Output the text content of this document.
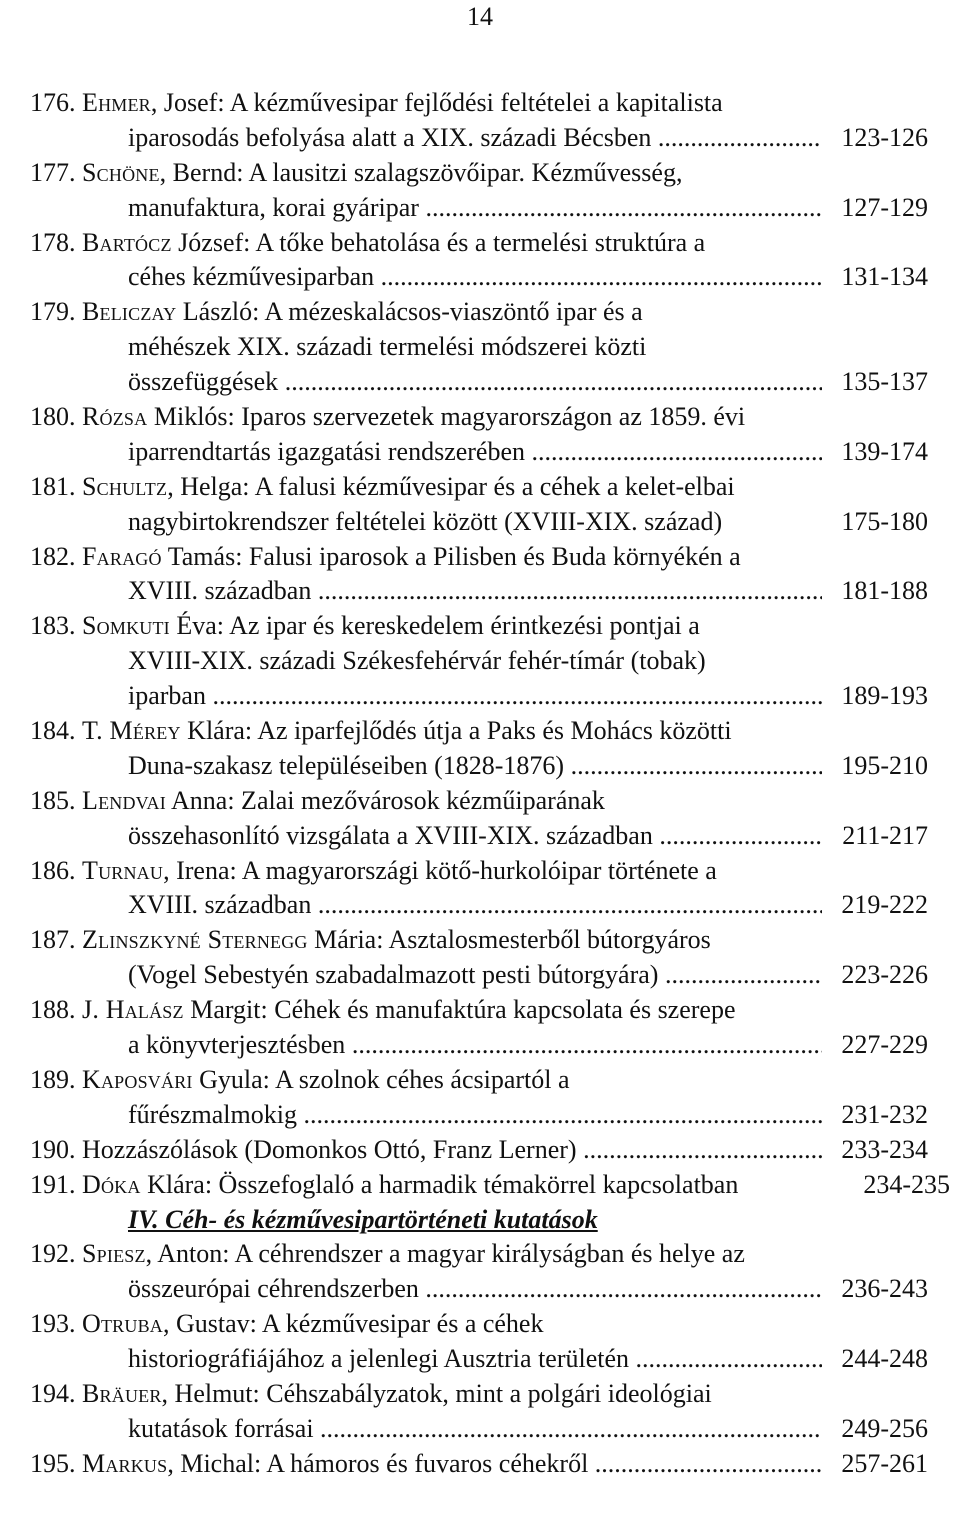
14
176. Ehmer, Josef: A kézművesipar fejlődési feltételei a kapitalista
iparosodás befolyása alatt a XIX. századi Bécsben .....	123-126
177. Schöne, Bernd: A lausitzi szalagszövőipar. Kézművesség,
manufaktura, korai gyáripar .....	127-129
178. Bartócz József: A tőke behatolása és a termelési struktúra a
céhes kézművesiparban .....	131-134
179. Beliczay László: A mézeskalácsos-viaszöntő ipar és a
méhészek XIX. századi termelési módszerei közti
összefüggések .....	135-137
180. Rózsa Miklós: Iparos szervezetek magyarországon az 1859. évi
iparrendtartás igazgatási rendszerében .....	139-174
181. Schultz, Helga: A falusi kézművesipar és a céhek a kelet-elbai
nagybirtokrendszer feltételei között (XVIII-XIX. század)	175-180
182. Faragó Tamás: Falusi iparosok a Pilisben és Buda környékén a
XVIII. században .....	181-188
183. Somkuti Éva: Az ipar és kereskedelem érintkezési pontjai a
XVIII-XIX. századi Székesfehérvár fehér-tímár (tobak)
iparban .....	189-193
184. T. Mérey Klára: Az iparfejlődés útja a Paks és Mohács közötti
Duna-szakasz településeiben (1828-1876) .....	195-210
185. Lendvai Anna: Zalai mezővárosok kézműiparának
összehasonlító vizsgálata a XVIII-XIX. században .....	211-217
186. Turnau, Irena: A magyarországi kötő-hurkolóipar története a
XVIII. században .....	219-222
187. Zlinszkyné Sternegg Mária: Asztalosmesterből bútorgyáros
(Vogel Sebestyén szabadalmazott pesti bútorgyára) .....	223-226
188. J. Halász Margit: Céhek és manufaktúra kapcsolata és szerepe
a könyvterjesztésben .....	227-229
189. Kaposvári Gyula: A szolnok céhes ácsipartól a
fűrészmalmokig .....	231-232
190. Hozzászólások (Domonkos Ottó, Franz Lerner) .....	233-234
191. Dóka Klára: Összefoglaló a harmadik témakörrel kapcsolatban	234-235
IV. Céh- és kézművesipartörténeti kutatások
192. Spiesz, Anton: A céhrendszer a magyar királyságban és helye az
összeurópai céhrendszerben .....	236-243
193. Otruba, Gustav: A kézművesipar és a céhek
historiográfiájához a jelenlegi Ausztria területén .....	244-248
194. Bräuer, Helmut: Céhszabályzatok, mint a polgári ideológiai
kutatások forrásai .....	249-256
195. Markus, Michal: A hámoros és fuvaros céhekről .....	257-261
